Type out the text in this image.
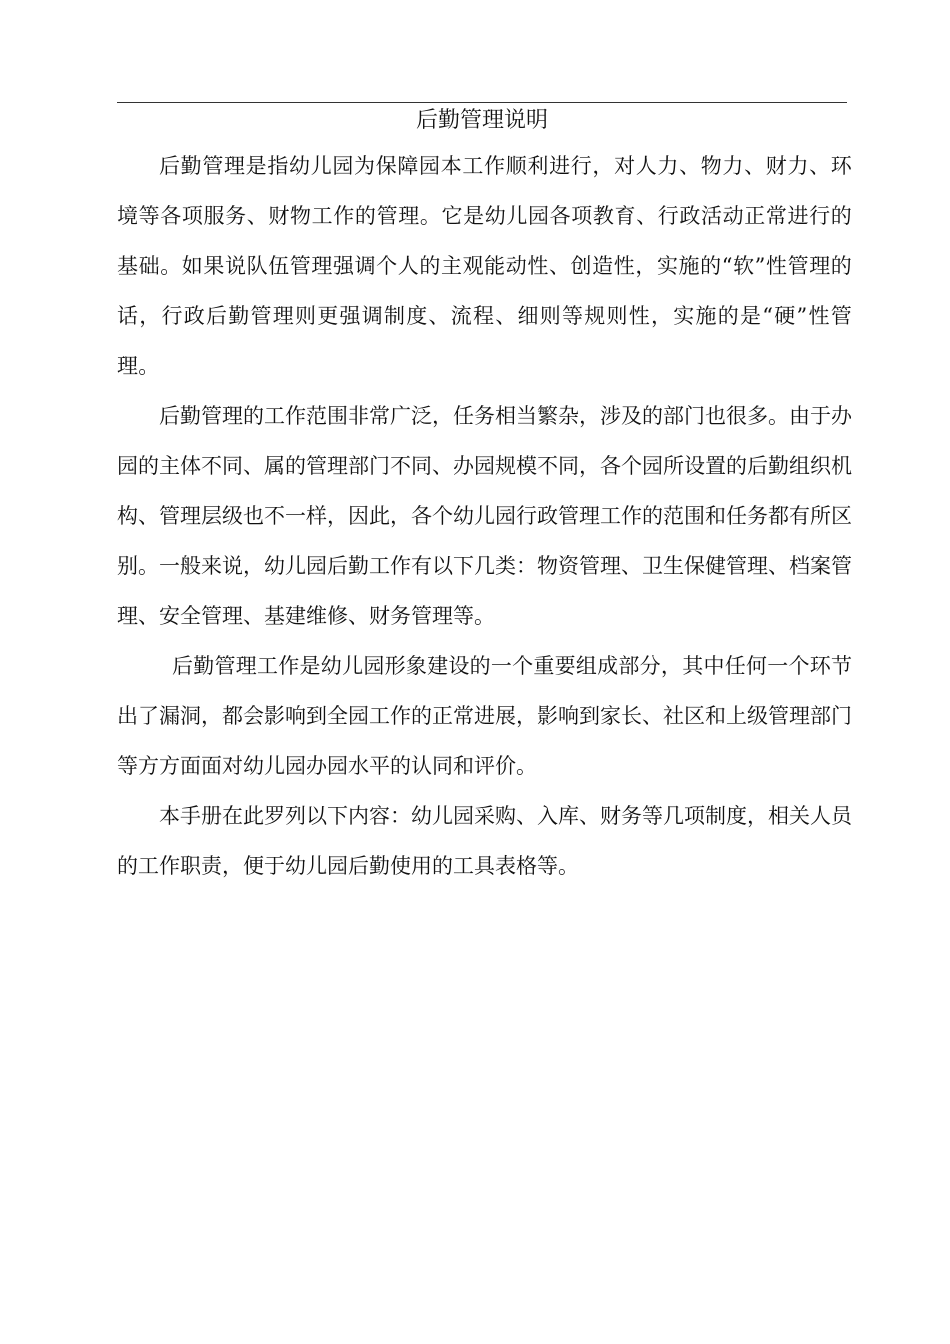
后勤管理说明

后勤管理是指幼儿园为保障园本工作顺利进行，对人力、物力、财力、环境等各项服务、财物工作的管理。它是幼儿园各项教育、行政活动正常进行的基础。如果说队伍管理强调个人的主观能动性、创造性，实施的“软”性管理的话，行政后勤管理则更强调制度、流程、细则等规则性，实施的是“硬”性管理。

后勤管理的工作范围非常广泛，任务相当繁杂，涉及的部门也很多。由于办园的主体不同、属的管理部门不同、办园规模不同，各个园所设置的后勤组织机构、管理层级也不一样，因此，各个幼儿园行政管理工作的范围和任务都有所区别。一般来说，幼儿园后勤工作有以下几类：物资管理、卫生保健管理、档案管理、安全管理、基建维修、财务管理等。

后勤管理工作是幼儿园形象建设的一个重要组成部分，其中任何一个环节出了漏洞，都会影响到全园工作的正常进展，影响到家长、社区和上级管理部门等方方面面对幼儿园办园水平的认同和评价。

本手册在此罗列以下内容：幼儿园采购、入库、财务等几项制度，相关人员的工作职责，便于幼儿园后勤使用的工具表格等。
